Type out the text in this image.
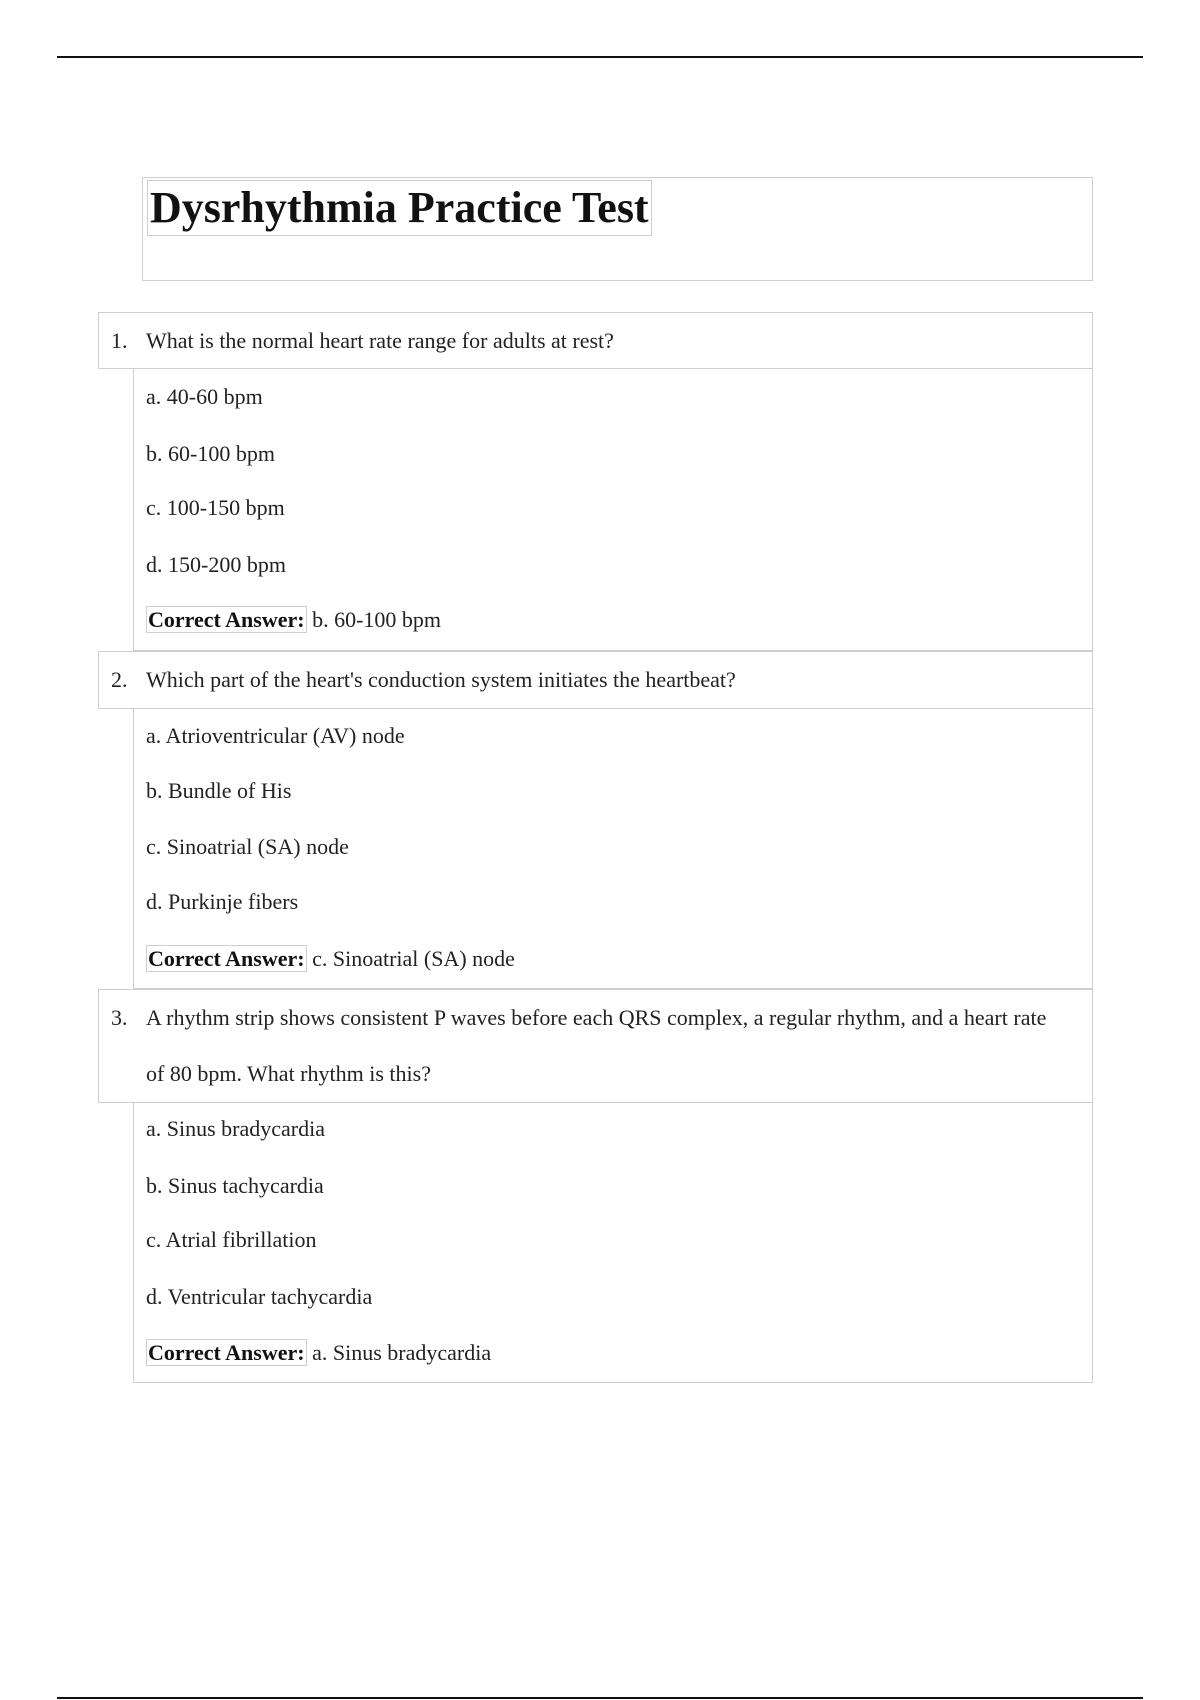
Dysrhythmia Practice Test
1. What is the normal heart rate range for adults at rest?

a. 40-60 bpm
b. 60-100 bpm
c. 100-150 bpm
d. 150-200 bpm
Correct Answer: b. 60-100 bpm
2. Which part of the heart's conduction system initiates the heartbeat?

a. Atrioventricular (AV) node
b. Bundle of His
c. Sinoatrial (SA) node
d. Purkinje fibers
Correct Answer: c. Sinoatrial (SA) node
3. A rhythm strip shows consistent P waves before each QRS complex, a regular rhythm, and a heart rate of 80 bpm. What rhythm is this?

a. Sinus bradycardia
b. Sinus tachycardia
c. Atrial fibrillation
d. Ventricular tachycardia
Correct Answer: a. Sinus bradycardia
